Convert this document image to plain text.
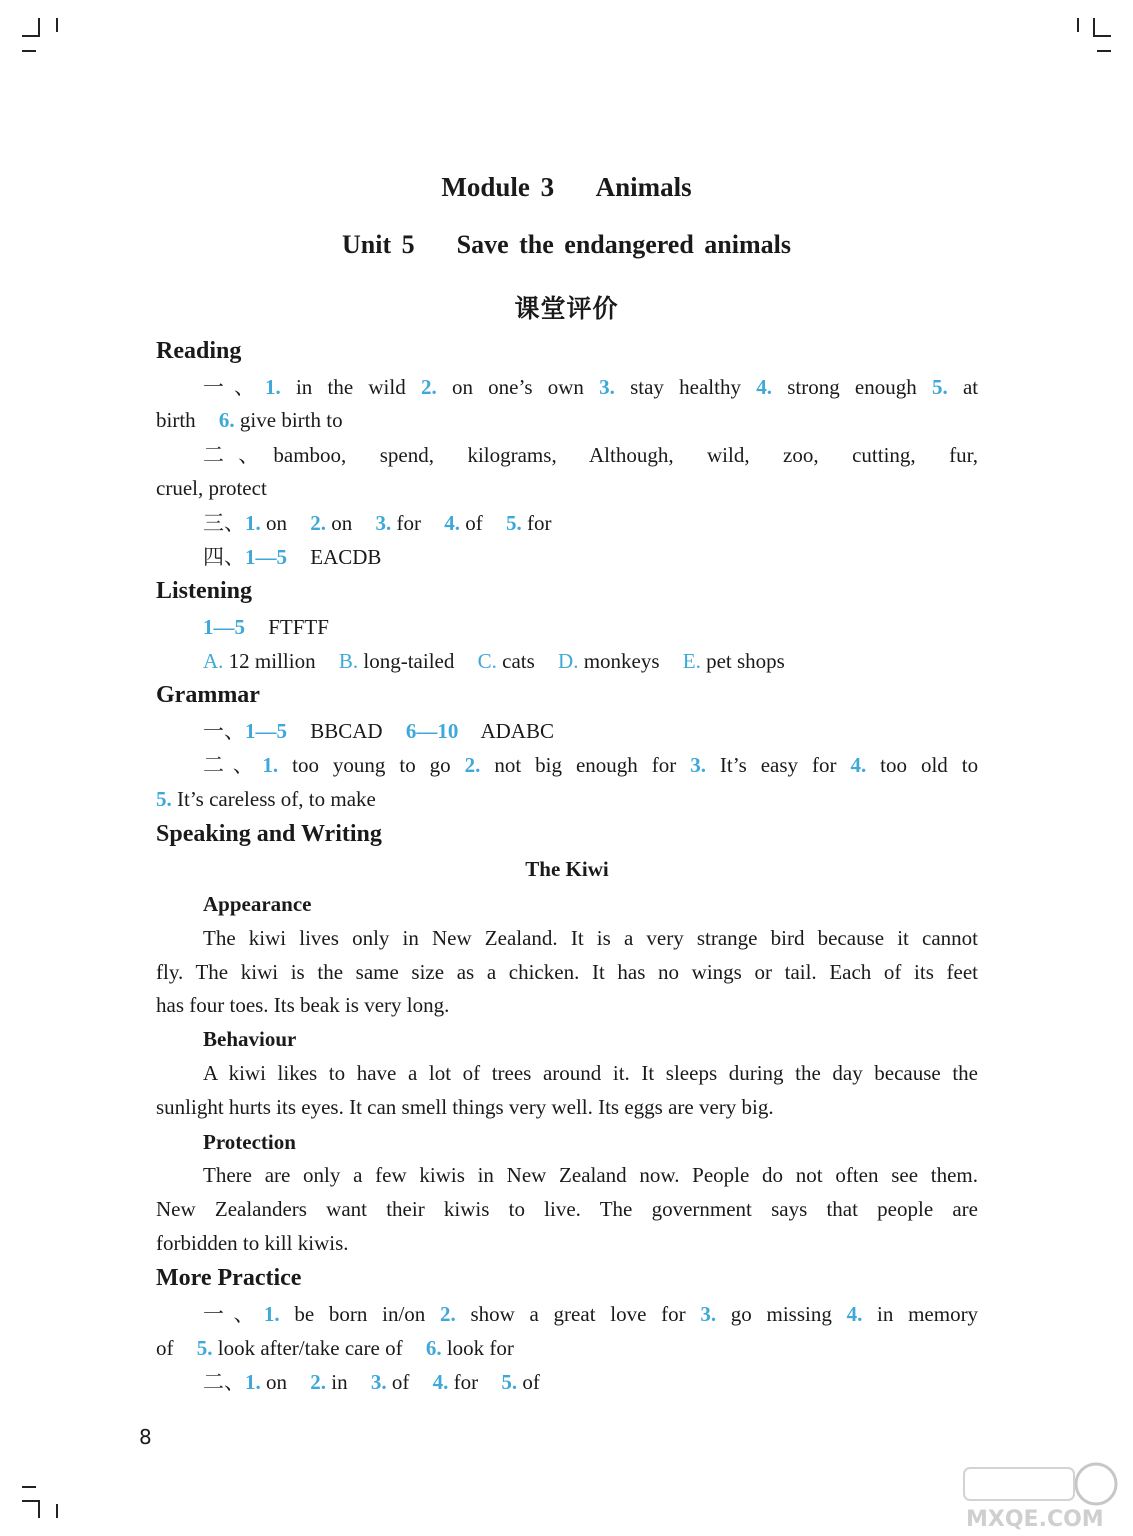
Module 3    Animals
Unit 5    Save the endangered animals
课堂评价
Reading
一、1. in the wild 2. on one’s own 3. stay healthy 4. strong enough 5. at
birth 6. give birth to
二、bamboo, spend, kilograms, Although, wild, zoo, cutting, fur,
cruel, protect
三、1. on 2. on 3. for 4. of 5. for
四、1—5 EACDB
Listening
1—5 FTFTF
A. 12 million B. long-tailed C. cats D. monkeys E. pet shops
Grammar
一、1—5 BBCAD 6—10 ADABC
二、1. too young to go 2. not big enough for 3. It’s easy for 4. too old to
5. It’s careless of, to make
Speaking and Writing
The Kiwi
Appearance
The kiwi lives only in New Zealand. It is a very strange bird because it cannot
fly. The kiwi is the same size as a chicken. It has no wings or tail. Each of its feet
has four toes. Its beak is very long.
Behaviour
A kiwi likes to have a lot of trees around it. It sleeps during the day because the
sunlight hurts its eyes. It can smell things very well. Its eggs are very big.
Protection
There are only a few kiwis in New Zealand now. People do not often see them.
New Zealanders want their kiwis to live. The government says that people are
forbidden to kill kiwis.
More Practice
一、1. be born in/on 2. show a great love for 3. go missing 4. in memory
of 5. look after/take care of 6. look for
二、1. on 2. in 3. of 4. for 5. of
8
MXQE.COM
